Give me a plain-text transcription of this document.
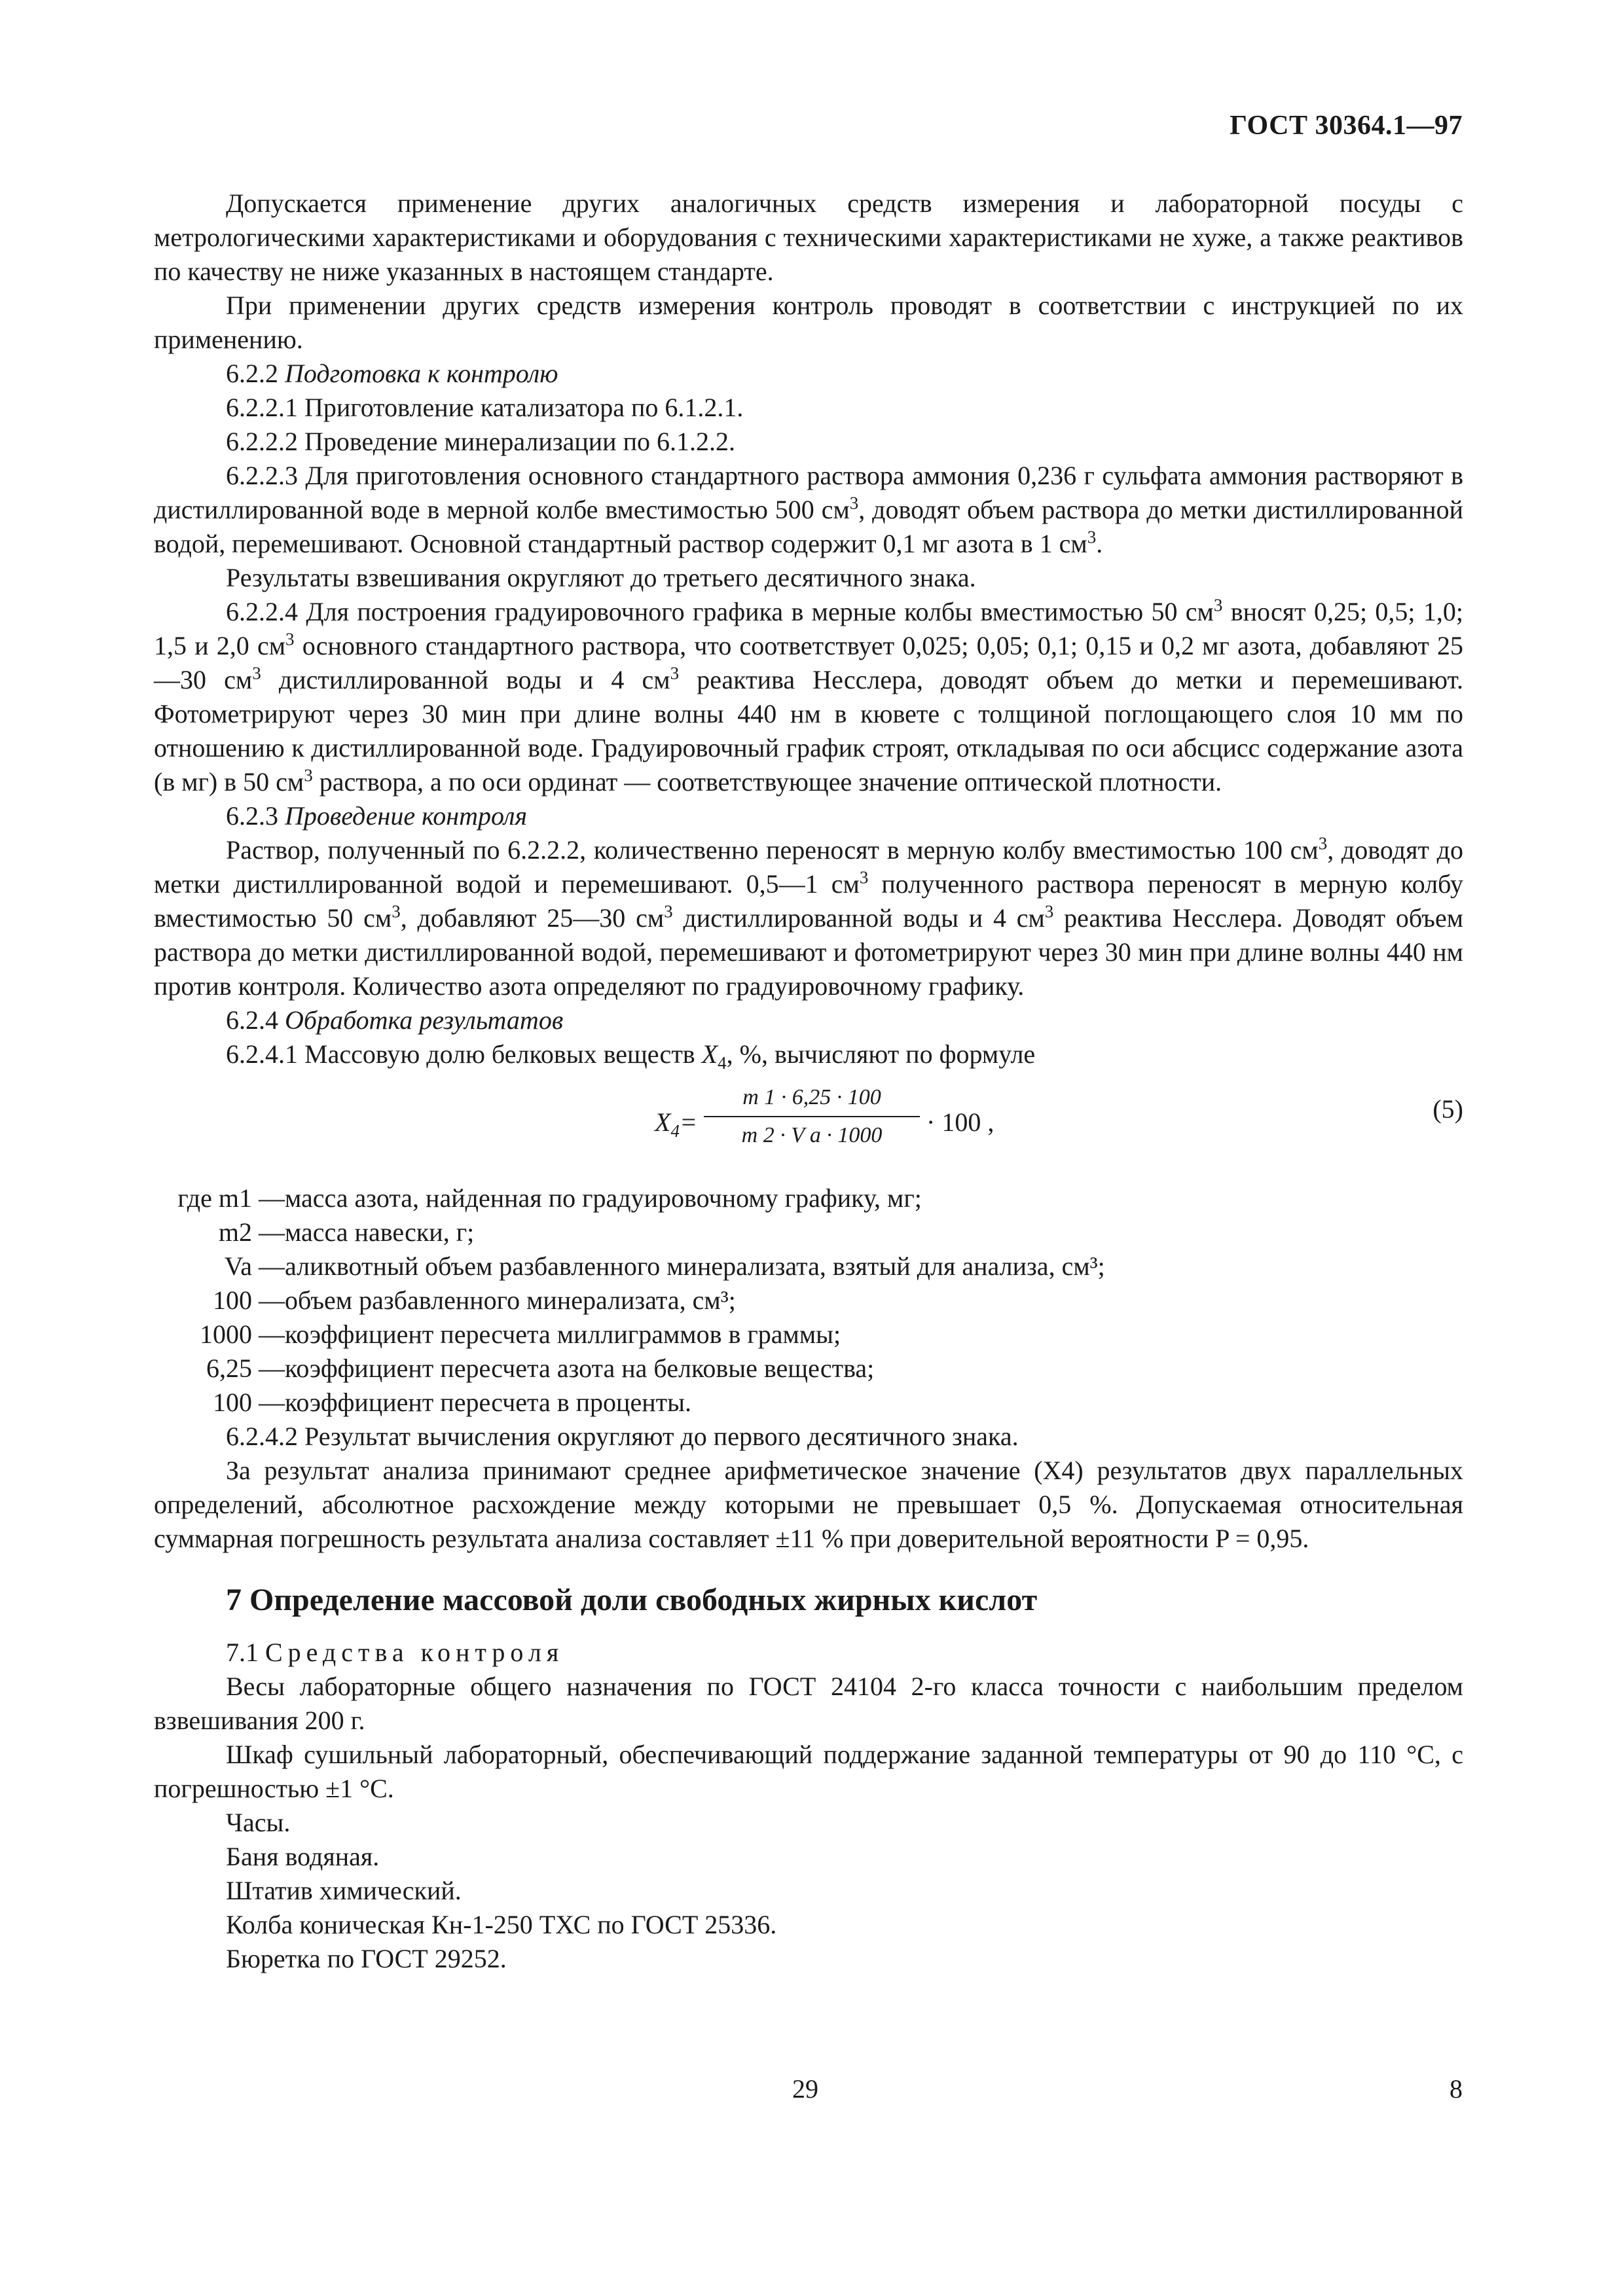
ГОСТ 30364.1—97

Допускается применение других аналогичных средств измерения и лабораторной посуды с метрологическими характеристиками и оборудования с техническими характеристиками не хуже, а также реактивов по качеству не ниже указанных в настоящем стандарте.

При применении других средств измерения контроль проводят в соответствии с инструкцией по их применению.

6.2.2 Подготовка к контролю

6.2.2.1 Приготовление катализатора по 6.1.2.1.

6.2.2.2 Проведение минерализации по 6.1.2.2.

6.2.2.3 Для приготовления основного стандартного раствора аммония 0,236 г сульфата аммония растворяют в дистиллированной воде в мерной колбе вместимостью 500 $см^3$, доводят объем раствора до метки дистиллированной водой, перемешивают. Основной стандартный раствор содержит 0,1 мг азота в 1 $см^3$.

Результаты взвешивания округляют до третьего десятичного знака.

6.2.2.4 Для построения градуировочного графика в мерные колбы вместимостью 50 $см^3$ вносят 0,25; 0,5; 1,0; 1,5 и 2,0 $см^3$ основного стандартного раствора, что соответствует 0,025; 0,05; 0,1; 0,15 и 0,2 мг азота, добавляют 25—30 $см^3$ дистиллированной воды и 4 $см^3$ реактива Несслера, доводят объем до метки и перемешивают. Фотометрируют через 30 мин при длине волны 440 нм в кювете с толщиной поглощающего слоя 10 мм по отношению к дистиллированной воде. Градуировочный график строят, откладывая по оси абсцисс содержание азота (в мг) в 50 $см^3$ раствора, а по оси ординат — соответствующее значение оптической плотности.

6.2.3 Проведение контроля

Раствор, полученный по 6.2.2.2, количественно переносят в мерную колбу вместимостью 100 $см^3$, доводят до метки дистиллированной водой и перемешивают. 0,5—1 $см^3$ полученного раствора переносят в мерную колбу вместимостью 50 $см^3$, добавляют 25—30 $см^3$ дистиллированной воды и 4 $см^3$ реактива Несслера. Доводят объем раствора до метки дистиллированной водой, перемешивают и фотометрируют через 30 мин при длине волны 440 нм против контроля. Количество азота определяют по градуировочному графику.

6.2.4 Обработка результатов

6.2.4.1 Массовую долю белковых веществ $X_4$, %, вычисляют по формуле

$X_4=$
m 1 · 6,25 · 100
m 2 · V a · 1000	· 100 ,	(5)
где m1 — масса азота, найденная по градуировочному графику, мг;
m2 — масса навески, г;
Va — аликвотный объем разбавленного минерализата, взятый для анализа, см³;
100 — объем разбавленного минерализата, см³;
1000 — коэффициент пересчета миллиграммов в граммы;
6,25 — коэффициент пересчета азота на белковые вещества;
100 — коэффициент пересчета в проценты.

6.2.4.2 Результат вычисления округляют до первого десятичного знака.

За результат анализа принимают среднее арифметическое значение (X4) результатов двух параллельных определений, абсолютное расхождение между которыми не превышает 0,5 %. Допускаемая относительная суммарная погрешность результата анализа составляет ±11 % при доверительной вероятности P = 0,95.

7 Определение массовой доли свободных жирных кислот

7.1 Средства контроля

Весы лабораторные общего назначения по ГОСТ 24104 2-го класса точности с наибольшим пределом взвешивания 200 г.

Шкаф сушильный лабораторный, обеспечивающий поддержание заданной температуры от 90 до 110 °С, с погрешностью ±1 °С.

Часы.

Баня водяная.

Штатив химический.

Колба коническая Кн-1-250 ТХС по ГОСТ 25336.

Бюретка по ГОСТ 29252.

29	8
